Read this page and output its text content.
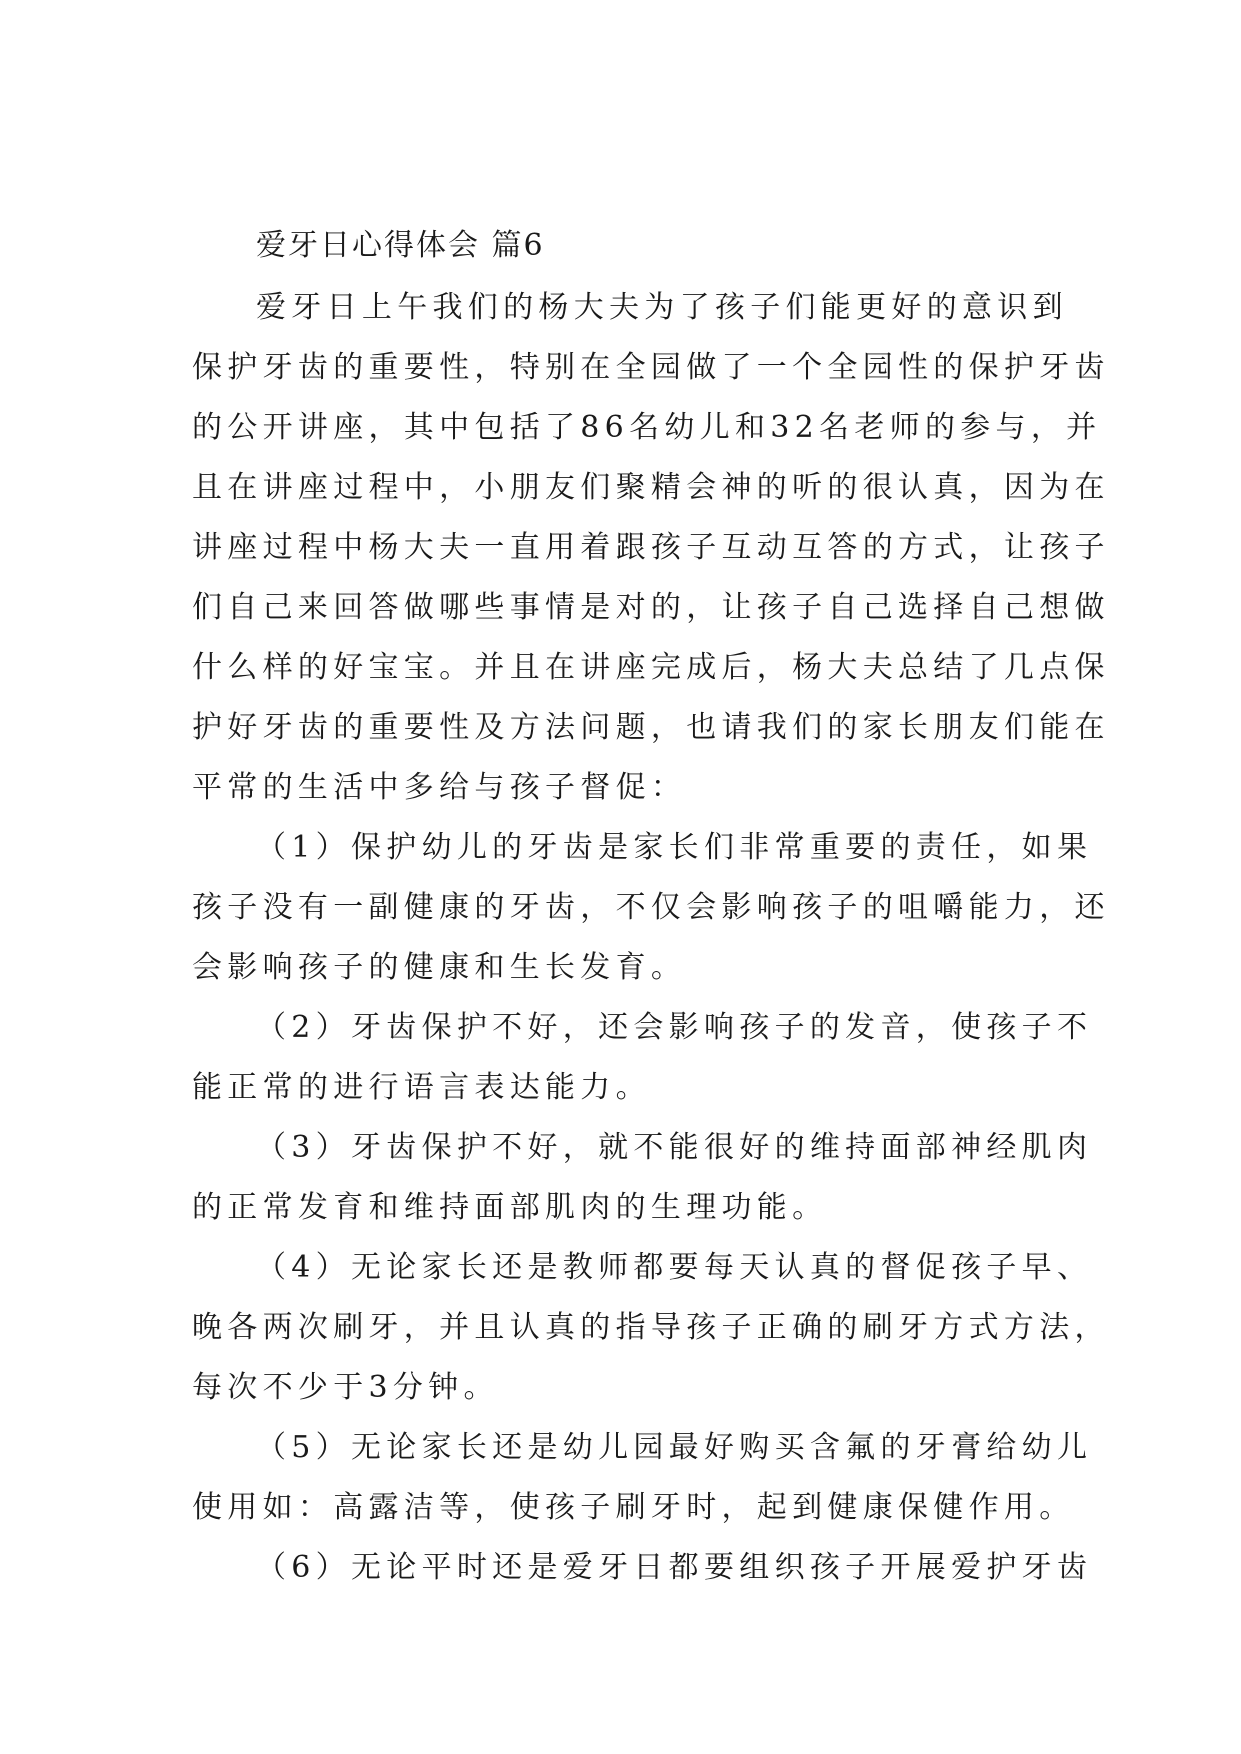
爱牙日心得体会 篇6
爱牙日上午我们的杨大夫为了孩子们能更好的意识到
保护牙齿的重要性，特别在全园做了一个全园性的保护牙齿
的公开讲座，其中包括了86名幼儿和32名老师的参与，并
且在讲座过程中，小朋友们聚精会神的听的很认真，因为在
讲座过程中杨大夫一直用着跟孩子互动互答的方式，让孩子
们自己来回答做哪些事情是对的，让孩子自己选择自己想做
什么样的好宝宝。并且在讲座完成后，杨大夫总结了几点保
护好牙齿的重要性及方法问题，也请我们的家长朋友们能在
平常的生活中多给与孩子督促：
（1）保护幼儿的牙齿是家长们非常重要的责任，如果
孩子没有一副健康的牙齿，不仅会影响孩子的咀嚼能力，还
会影响孩子的健康和生长发育。
（2）牙齿保护不好，还会影响孩子的发音，使孩子不
能正常的进行语言表达能力。
（3）牙齿保护不好，就不能很好的维持面部神经肌肉
的正常发育和维持面部肌肉的生理功能。
（4）无论家长还是教师都要每天认真的督促孩子早、
晚各两次刷牙，并且认真的指导孩子正确的刷牙方式方法，
每次不少于3分钟。
（5）无论家长还是幼儿园最好购买含氟的牙膏给幼儿
使用如：高露洁等，使孩子刷牙时，起到健康保健作用。
（6）无论平时还是爱牙日都要组织孩子开展爱护牙齿
